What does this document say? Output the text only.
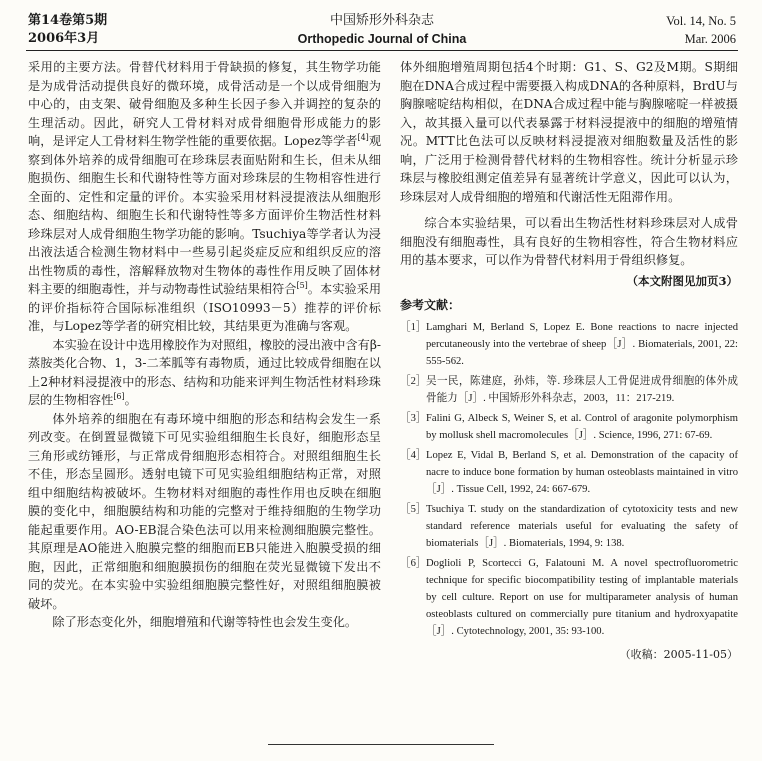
第14卷第5期
2006年3月
中国矫形外科杂志
Orthopedic Journal of China
Vol. 14, No. 5
Mar. 2006

采用的主要方法。骨替代材料用于骨缺损的修复，其生物学功能是为成骨活动提供良好的微环境，成骨活动是一个以成骨细胞为中心的，由支架、破骨细胞及多种生长因子参入并调控的复杂的生理活动。因此，研究人工骨材料对成骨细胞骨形成能力的影响，是评定人工骨材料生物学性能的重要依据。Lopez等学者[4]观察到体外培养的成骨细胞可在珍珠层表面贴附和生长，但未从细胞损伤、细胞生长和代谢特性等方面对珍珠层的生物相容性进行全面的、定性和定量的评价。本实验采用材料浸提液法从细胞形态、细胞结构、细胞生长和代谢特性等多方面评价生物活性材料珍珠层对人成骨细胞生物学功能的影响。Tsuchiya等学者认为浸出液法适合检测生物材料中一些易引起炎症反应和组织反应的溶出性物质的毒性，溶解释放物对生物体的毒性作用反映了固体材料主要的细胞毒性，并与动物毒性试验结果相符合[5]。本实验采用的评价指标符合国际标准组织（ISO10993－5）推荐的评价标准，与Lopez等学者的研究相比较，其结果更为准确与客观。

本实验在设计中选用橡胶作为对照组，橡胶的浸出液中含有β-蒸胺类化合物、1，3-二苯胍等有毒物质，通过比较成骨细胞在以上2种材料浸提液中的形态、结构和功能来评判生物活性材料珍珠层的生物相容性[6]。

体外培养的细胞在有毒环境中细胞的形态和结构会发生一系列改变。在倒置显微镜下可见实验组细胞生长良好，细胞形态呈三角形或纺锤形，与正常成骨细胞形态相符合。对照组细胞生长不佳，形态呈圆形。透射电镜下可见实验组细胞结构正常，对照组中细胞结构被破坏。生物材料对细胞的毒性作用也反映在细胞膜的变化中，细胞膜结构和功能的完整对于维持细胞的生物学功能起重要作用。AO-EB混合染色法可以用来检测细胞膜完整性。其原理是AO能进入胞膜完整的细胞而EB只能进入胞膜受损的细胞，因此，正常细胞和细胞膜损伤的细胞在荧光显微镜下发出不同的荧光。在本实验中实验组细胞膜完整性好，对照组细胞膜被破坏。

除了形态变化外，细胞增殖和代谢等特性也会发生变化。

体外细胞增殖周期包括4个时期：G1、S、G2及M期。S期细胞在DNA合成过程中需要摄入构成DNA的各种原料，BrdU与胸腺嘧啶结构相似，在DNA合成过程中能与胸腺嘧啶一样被摄入，故其摄入量可以代表暴露于材料浸提液中的细胞的增殖情况。MTT比色法可以反映材料浸提液对细胞数量及活性的影响，广泛用于检测骨替代材料的生物相容性。统计分析显示珍珠层与橡胶组测定值差异有显著统计学意义，因此可以认为，珍珠层对人成骨细胞的增殖和代谢活性无阻滞作用。

综合本实验结果，可以看出生物活性材料珍珠层对人成骨细胞没有细胞毒性，具有良好的生物相容性，符合生物材料应用的基本要求，可以作为骨替代材料用于骨组织修复。

（本文附图见加页3）
参考文献：
［1］ Lamghari M, Berland S, Lopez E. Bone reactions to nacre injected percutaneously into the vertebrae of sheep［J］. Biomaterials, 2001, 22: 555-562.
［2］ 吴一民，陈建庭，孙炜，等. 珍珠层人工骨促进成骨细胞的体外成骨能力［J］. 中国矫形外科杂志，2003，11：217-219.
［3］ Falini G, Albeck S, Weiner S, et al. Control of aragonite polymorphism by mollusk shell macromolecules［J］. Science, 1996, 271: 67-69.
［4］ Lopez E, Vidal B, Berland S, et al. Demonstration of the capacity of nacre to induce bone formation by human osteoblasts maintained in vitro［J］. Tissue Cell, 1992, 24: 667-679.
［5］ Tsuchiya T. study on the standardization of cytotoxicity tests and new standard reference materials useful for evaluating the safety of biomaterials［J］. Biomaterials, 1994, 9: 138.
［6］ Doglioli P, Scortecci G, Falatouni M. A novel spectrofluorometric technique for specific biocompatibility testing of implantable materials by cell culture. Report on use for multiparameter analysis of human osteoblasts cultured on commercially pure titanium and hydroxyapatite［J］. Cytotechnology, 2001, 35: 93-100.
（收稿：2005-11-05）
